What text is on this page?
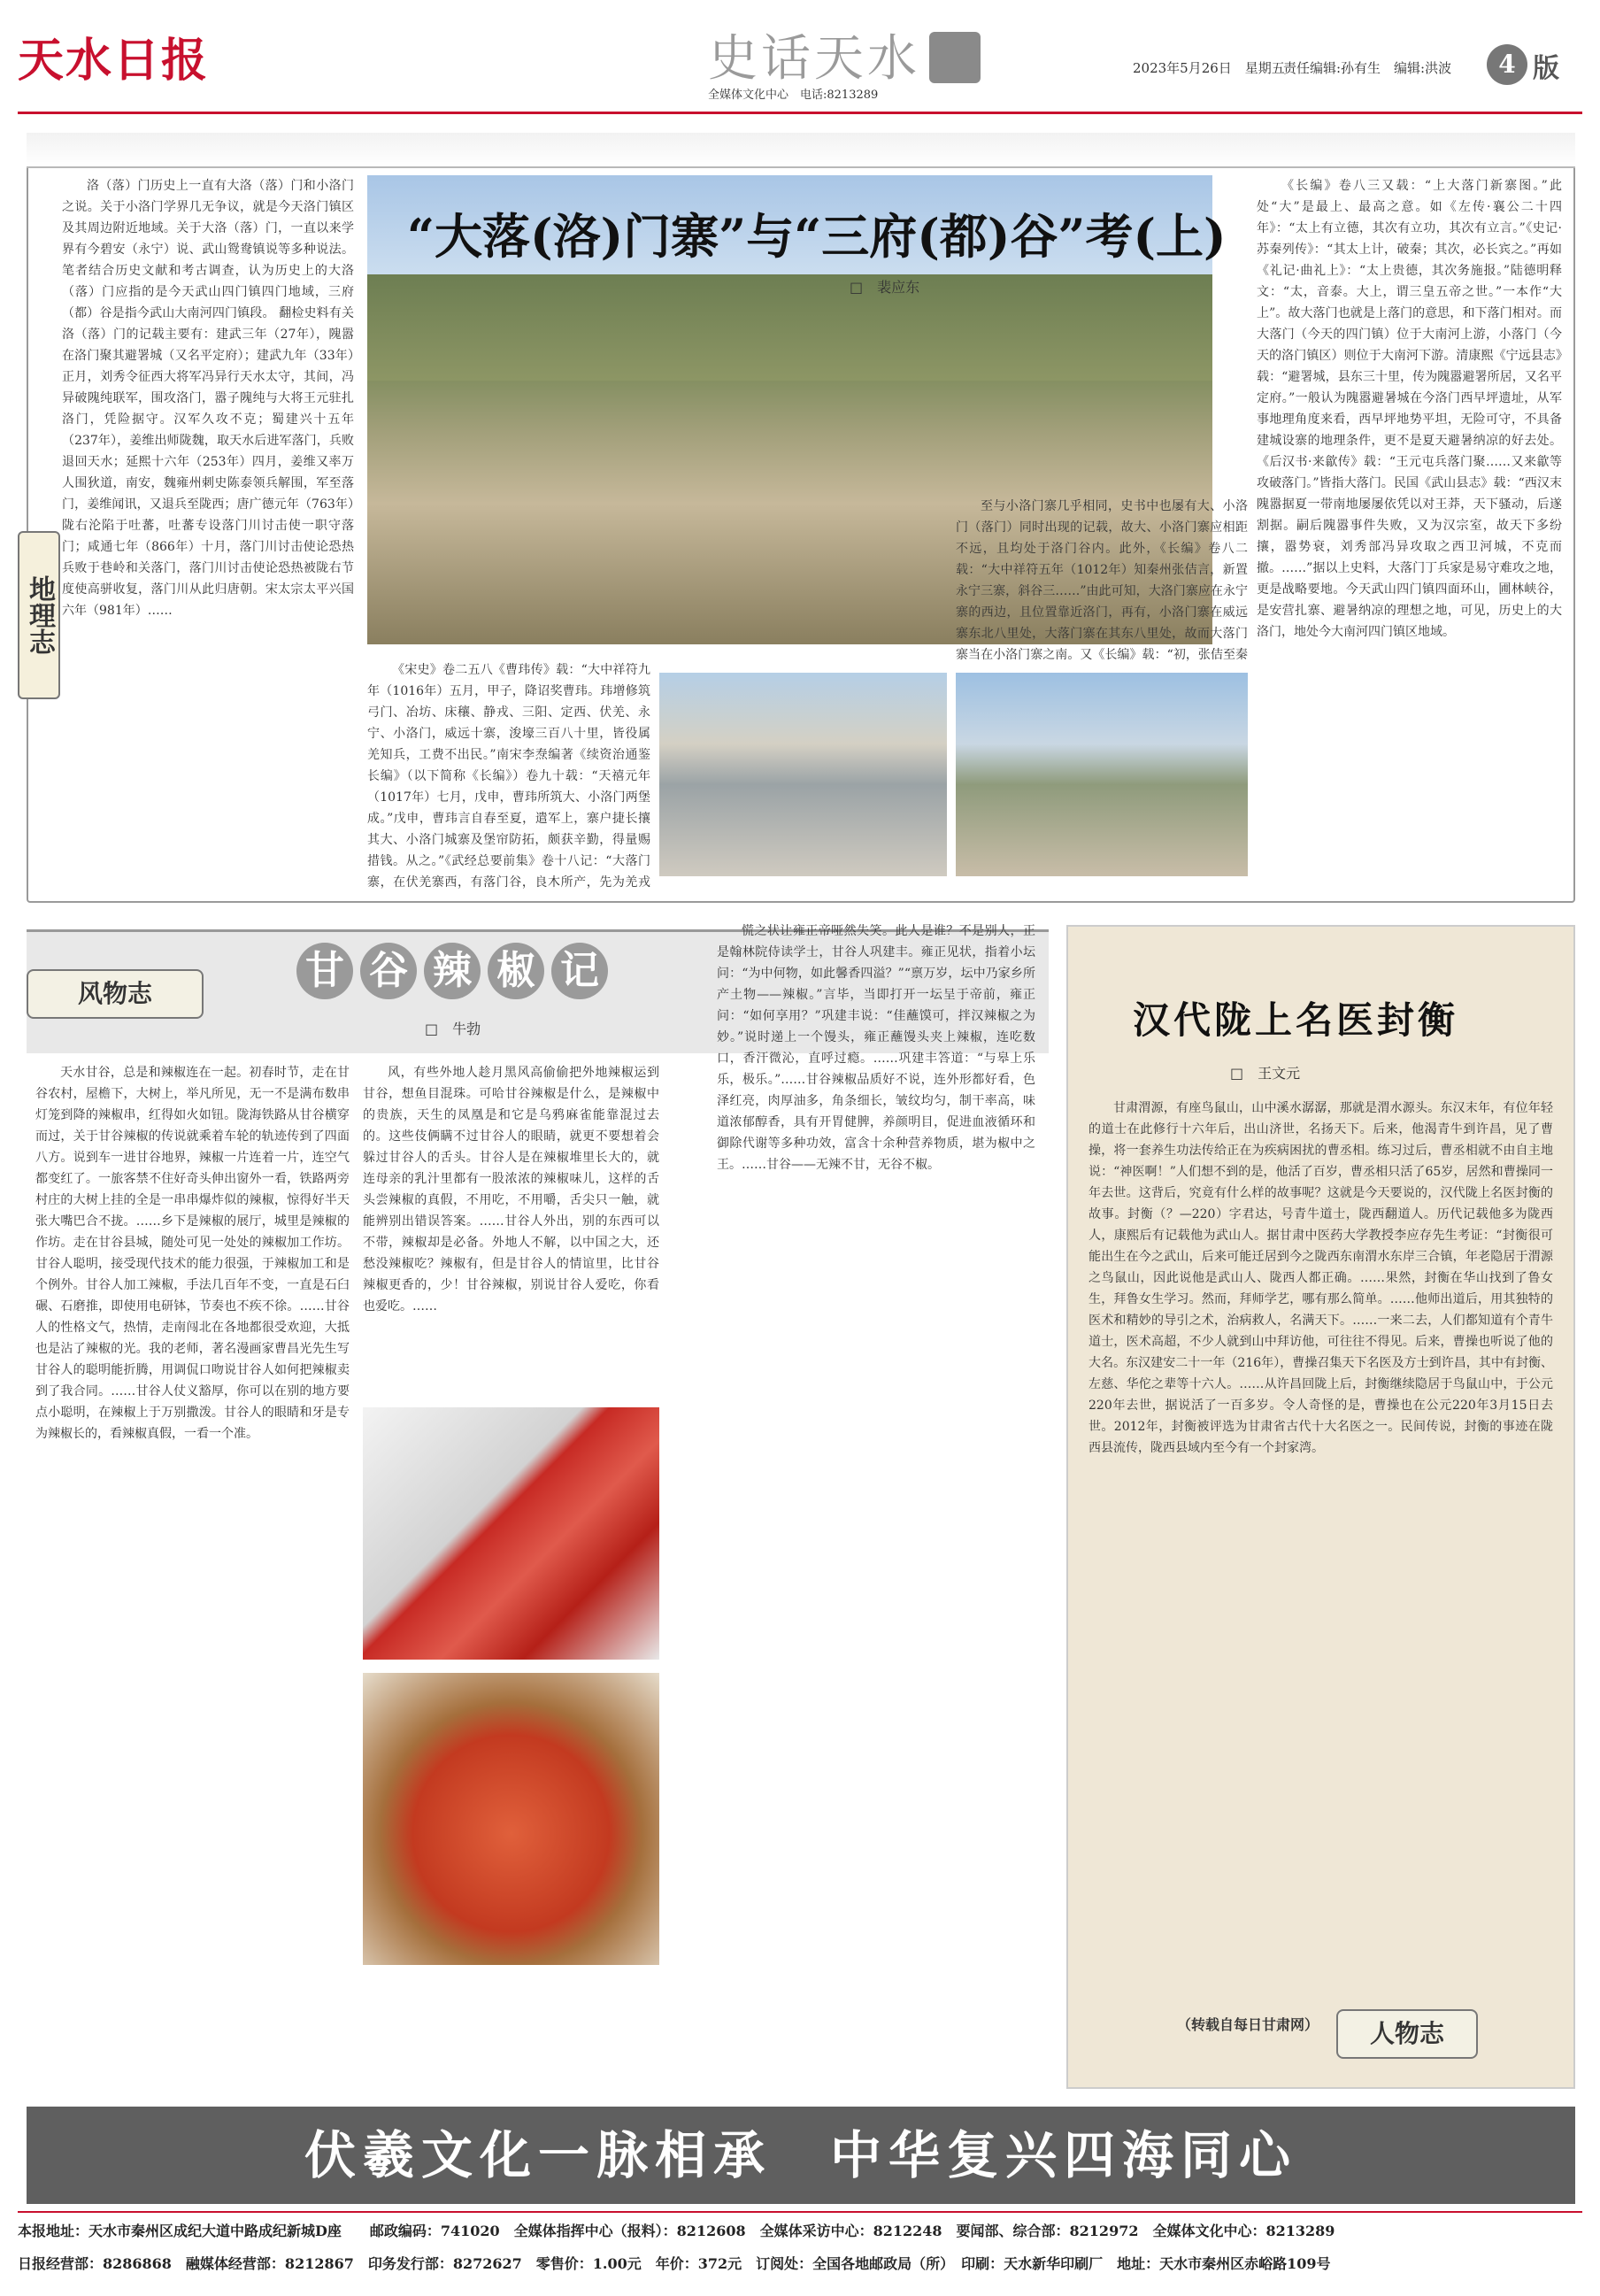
天水日报	史话天水
全媒体文化中心　电话:8213289
2023年5月26日　星期五
责任编辑:孙有生　编辑:洪波	4 版
地理志

洛（落）门历史上一直有大洛（落）门和小洛门之说。关于小洛门学界几无争议，就是今天洛门镇区及其周边附近地域。关于大洛（落）门，一直以来学界有今碧安（永宁）说、武山鸳鸯镇说等多种说法。笔者结合历史文献和考古调查，认为历史上的大洛（落）门应指的是今天武山四门镇四门地域，三府（都）谷是指今武山大南河四门镇段。 翻检史料有关洛（落）门的记载主要有：建武三年（27年），隗嚣在洛门聚其避署城（又名平定府）；建武九年（33年）正月，刘秀令征西大将军冯异行天水太守，其间，冯异破隗纯联军，围攻洛门，嚣子隗纯与大将王元驻扎洛门，凭险据守。汉军久攻不克；蜀建兴十五年（237年），姜维出师陇魏，取天水后进军落门，兵败退回天水；延熙十六年（253年）四月，姜维又率万人围狄道，南安，魏雍州刺史陈泰领兵解围，军至落门，姜维闻讯，又退兵至陇西；唐广德元年（763年）陇右沦陷于吐蕃，吐蕃专设落门川讨击使一职守落门；咸通七年（866年）十月，落门川讨击使论恐热兵败于巷岭和关落门，落门川讨击使论恐热被陇右节度使高骈收复，落门川从此归唐朝。宋太宗太平兴国六年（981年）……

“大落(洛)门寨”与“三府(都)谷”考(上)
□　裴应东

《宋史》卷二五八《曹玮传》载：“大中祥符九年（1016年）五月，甲子，降诏奖曹玮。玮增修筑弓门、冶坊、床穰、静戎、三阳、定西、伏羌、永宁、小洛门，威远十寨，浚壕三百八十里，皆役属羌知兵，工费不出民。”南宋李焘编著《续资治通鉴长编》（以下简称《长编》）卷九十载：“天禧元年（1017年）七月，戊申，曹玮所筑大、小洛门两堡成。”戊申，曹玮言自春至夏，遣军上，寨户捷长攘其大、小洛门城寨及堡帘防拓，颇获辛勤，得量赐措钱。从之。”《武经总要前集》卷十八记：“大落门寨，在伏羌寨西，有落门谷，良木所产，先为羌戎

至与小洛门寨几乎相同，史书中也屡有大、小洛门（落门）同时出现的记载，故大、小洛门寨应相距不远，且均处于洛门谷内。此外，《长编》卷八二载：“大中祥符五年（1012年）知秦州张佶言，新置永宁三寨，斜谷三……”由此可知，大洛门寨应在永宁寨的西边，且位置靠近洛门，再有，小洛门寨在威远寨东北八里处，大落门寨在其东八里处，故而大落门寨当在小洛门寨之南。又《长编》载：“初，张佶至秦

《长编》卷八三又载：“上大落门新寨图。”此处“大”是最上、最高之意。如《左传·襄公二十四年》：“太上有立德，其次有立功，其次有立言。”《史记·苏秦列传》：“其太上计，破秦；其次，必长宾之。”再如《礼记·曲礼上》：“太上贵德，其次务施报。”陆德明释文：“太，音泰。大上，谓三皇五帝之世。”一本作“大上”。故大落门也就是上落门的意思，和下落门相对。而大落门（今天的四门镇）位于大南河上游，小落门（今天的洛门镇区）则位于大南河下游。清康熙《宁远县志》载：“避署城，县东三十里，传为隗嚣避署所居，又名平定府。”一般认为隗嚣避暑城在今洛门西早坪遗址，从军事地理角度来看，西早坪地势平坦，无险可守，不具备建城设寨的地理条件，更不是夏天避暑纳凉的好去处。《后汉书·来歙传》载：“王元屯兵落门聚……又来歙等攻破落门。”皆指大落门。民国《武山县志》载：“西汉末隗嚣据夏一带南地屡屡依凭以对王莽，天下骚动，后遂割据。嗣后隗嚣事件失败，又为汉宗室，故天下多纷攘，嚣势衰，刘秀部冯异攻取之西卫河城，不克而撤。……”据以上史料，大落门丁兵家是易守难攻之地，更是战略要地。今天武山四门镇四面环山，圃林峡谷，是安营扎寨、避暑纳凉的理想之地，可见，历史上的大洛门，地处今大南河四门镇区地域。

风物志
甘 谷 辣 椒 记
□　牛勃

天水甘谷，总是和辣椒连在一起。初春时节，走在甘谷农村，屋檐下，大树上，举凡所见，无一不是满布数串灯笼到降的辣椒串，红得如火如钮。陇海铁路从甘谷横穿而过，关于甘谷辣椒的传说就乘着车轮的轨迹传到了四面八方。说到车一进甘谷地界，辣椒一片连着一片，连空气都变红了。一旅客禁不住好奇头伸出窗外一看，铁路两旁村庄的大树上挂的全是一串串爆炸似的辣椒，惊得好半天张大嘴巴合不拢。……乡下是辣椒的展厅，城里是辣椒的作坊。走在甘谷县城，随处可见一处处的辣椒加工作坊。甘谷人聪明，接受现代技术的能力很强，于辣椒加工和是个例外。甘谷人加工辣椒，手法几百年不变，一直是石臼碾、石磨推，即使用电研钵，节奏也不疾不徐。……甘谷人的性格文气，热情，走南闯北在各地都很受欢迎，大抵也是沾了辣椒的光。我的老师，著名漫画家曹昌光先生写甘谷人的聪明能折腾，用调侃口吻说甘谷人如何把辣椒卖到了我合同。……甘谷人仗义豁厚，你可以在别的地方要点小聪明，在辣椒上于万别撒泼。甘谷人的眼睛和牙是专为辣椒长的，看辣椒真假，一看一个准。

风，有些外地人趁月黑风高偷偷把外地辣椒运到甘谷，想鱼目混珠。可哈甘谷辣椒是什么，是辣椒中的贵族，天生的凤凰是和它是乌鸦麻雀能靠混过去的。这些伎俩瞒不过甘谷人的眼睛，就更不要想着会躲过甘谷人的舌头。甘谷人是在辣椒堆里长大的，就连母亲的乳汁里都有一股浓浓的辣椒味儿，这样的舌头尝辣椒的真假，不用吃，不用嚼，舌尖只一触，就能辨别出错误答案。……甘谷人外出，别的东西可以不带，辣椒却是必备。外地人不解，以中国之大，还愁没辣椒吃？辣椒有，但是甘谷人的情谊里，比甘谷辣椒更香的，少！甘谷辣椒，别说甘谷人爱吃，你看也爱吃。……

慌之状让雍正帝哑然失笑。此人是谁？不是别人，正是翰林院侍读学士，甘谷人巩建丰。雍正见状，指着小坛问：“为中何物，如此馨香四溢？”“禀万岁，坛中乃家乡所产土物——辣椒。”言毕，当即打开一坛呈于帝前，雍正问：“如何享用？”巩建丰说：“佳蘸馍可，拌汉辣椒之为妙。”说时递上一个馒头，雍正蘸馒头夹上辣椒，连吃数口，香汗微沁，直呼过瘾。……巩建丰答道：“与皋上乐乐，极乐。”……甘谷辣椒品质好不说，连外形都好看，色泽红亮，肉厚油多，角条细长，皱纹均匀，制干率高，味道浓郁醇香，具有开胃健脾，养颜明目，促进血液循环和御除代谢等多种功效，富含十余种营养物质，堪为椒中之王。……甘谷——无辣不甘，无谷不椒。

汉代陇上名医封衡
□　王文元

甘肃渭源，有座鸟鼠山，山中溪水潺潺，那就是渭水源头。东汉末年，有位年轻的道士在此修行十六年后，出山济世，名扬天下。后来，他渴青牛到许昌，见了曹操，将一套养生功法传给正在为疾病困扰的曹丞相。练习过后，曹丞相就不由自主地说：“神医啊！”人们想不到的是，他活了百岁，曹丞相只活了65岁，居然和曹操同一年去世。这背后，究竟有什么样的故事呢？这就是今天要说的，汉代陇上名医封衡的故事。封衡（？—220）字君达，号青牛道士，陇西翻道人。历代记载他多为陇西人，康熙后有记载他为武山人。据甘肃中医药大学教授李应存先生考证：“封衡很可能出生在今之武山，后来可能迁居到今之陇西东南渭水东岸三合镇，年老隐居于渭源之鸟鼠山，因此说他是武山人、陇西人都正确。……果然，封衡在华山找到了鲁女生，拜鲁女生学习。然而，拜师学艺，哪有那么简单。……他师出道后，用其独特的医术和精妙的导引之术，治病救人，名满天下。……一来二去，人们都知道有个青牛道士，医术高超，不少人就到山中拜访他，可往往不得见。后来，曹操也听说了他的大名。东汉建安二十一年（216年），曹操召集天下名医及方士到许昌，其中有封衡、左慈、华佗之辈等十六人。……从许昌回陇上后，封衡继续隐居于鸟鼠山中，于公元220年去世，据说活了一百多岁。令人奇怪的是，曹操也在公元220年3月15日去世。2012年，封衡被评选为甘肃省古代十大名医之一。民间传说，封衡的事迹在陇西县流传，陇西县域内至今有一个封家湾。

（转载自每日甘肃网）	人物志
伏羲文化一脉相承　中华复兴四海同心
本报地址：天水市秦州区成纪大道中路成纪新城D座　　邮政编码：741020　全媒体指挥中心（报料）：8212608　全媒体采访中心：8212248　要闻部、综合部：8212972　全媒体文化中心：8213289
日报经营部：8286868　融媒体经营部：8212867　印务发行部：8272627　零售价：1.00元　年价：372元　订阅处：全国各地邮政局（所）　印刷：天水新华印刷厂　地址：天水市秦州区赤峪路109号
